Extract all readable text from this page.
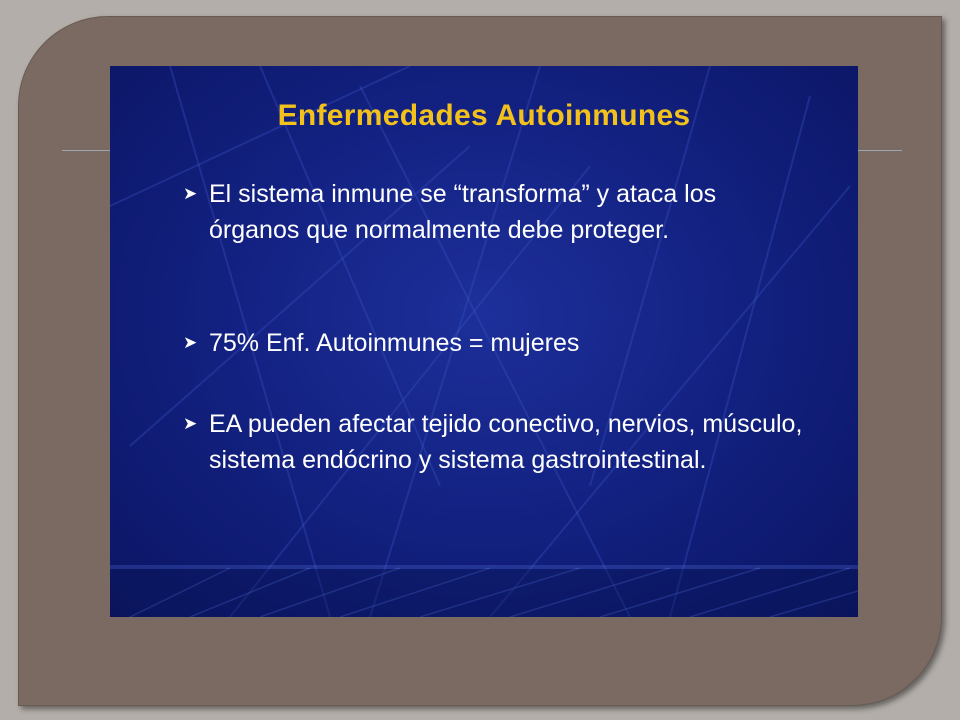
Enfermedades Autoinmunes
➤ El sistema inmune se “transforma” y ataca los órganos que normalmente debe proteger.
➤ 75% Enf. Autoinmunes = mujeres
➤ EA pueden afectar tejido conectivo, nervios, músculo, sistema endócrino y sistema gastrointestinal.
